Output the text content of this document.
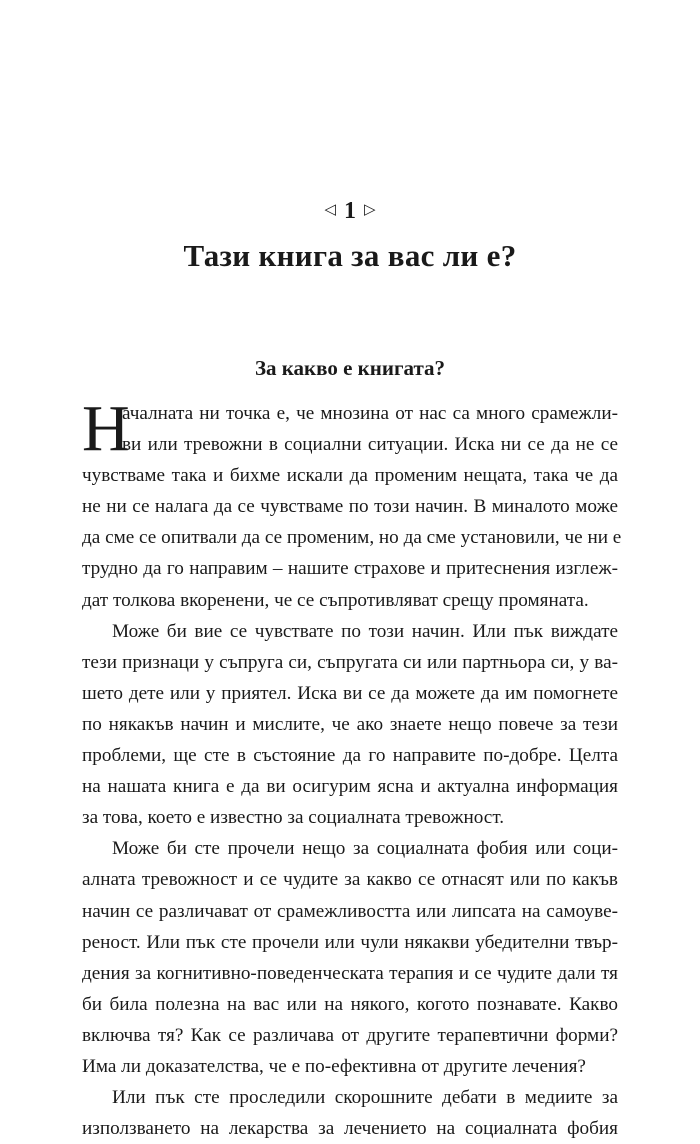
◁ 1 ▷
Тази книга за вас ли е?
За какво е книгата?
Н
ачалната ни точка е, че мнозина от нас са много срамежли-
ви или тревожни в социални ситуации. Иска ни се да не се
чувстваме така и бихме искали да променим нещата, така че да
не ни се налага да се чувстваме по този начин. В миналото може
да сме се опитвали да се променим, но да сме установили, че ни е
трудно да го направим – нашите страхове и притеснения изглеж-
дат толкова вкоренени, че се съпротивляват срещу промяната.
Може би вие се чувствате по този начин. Или пък виждате
тези признаци у съпруга си, съпругата си или партньора си, у ва-
шето дете или у приятел. Иска ви се да можете да им помогнете
по някакъв начин и мислите, че ако знаете нещо повече за тези
проблеми, ще сте в състояние да го направите по-добре. Целта
на нашата книга е да ви осигурим ясна и актуална информация
за това, което е известно за социалната тревожност.
Може би сте прочели нещо за социалната фобия или соци-
алната тревожност и се чудите за какво се отнасят или по какъв
начин се различават от срамежливостта или липсата на самоуве-
реност. Или пък сте прочели или чули някакви убедителни твър-
дения за когнитивно-поведенческата терапия и се чудите дали тя
би била полезна на вас или на някого, когото познавате. Какво
включва тя? Как се различава от другите терапевтични форми?
Има ли доказателства, че е по-ефективна от другите лечения?
Или пък сте проследили скорошните дебати в медиите за
използването на лекарства за лечението на социалната фобия
